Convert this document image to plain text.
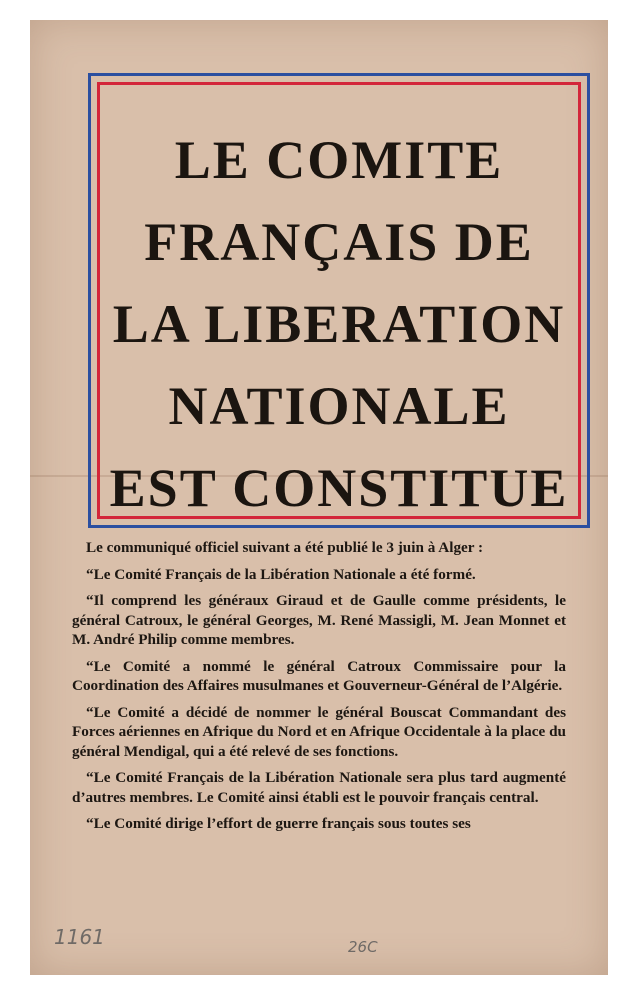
LE COMITE
FRANÇAIS DE
LA LIBERATION
NATIONALE
EST CONSTITUE

Le communiqué officiel suivant a été publié le 3 juin à Alger :

“Le Comité Français de la Libération Nationale a été formé.

“Il comprend les généraux Giraud et de Gaulle comme présidents, le général Catroux, le général Georges, M. René Massigli, M. Jean Monnet et M. André Philip comme membres.

“Le Comité a nommé le général Catroux Commissaire pour la Coordination des Affaires musulmanes et Gouverneur-Général de l’Algérie.

“Le Comité a décidé de nommer le général Bouscat Commandant des Forces aériennes en Afrique du Nord et en Afrique Occidentale à la place du général Mendigal, qui a été relevé de ses fonctions.

“Le Comité Français de la Libération Nationale sera plus tard augmenté d’autres membres. Le Comité ainsi établi est le pouvoir français central.

“Le Comité dirige l’effort de guerre français sous toutes ses

1161	26C
